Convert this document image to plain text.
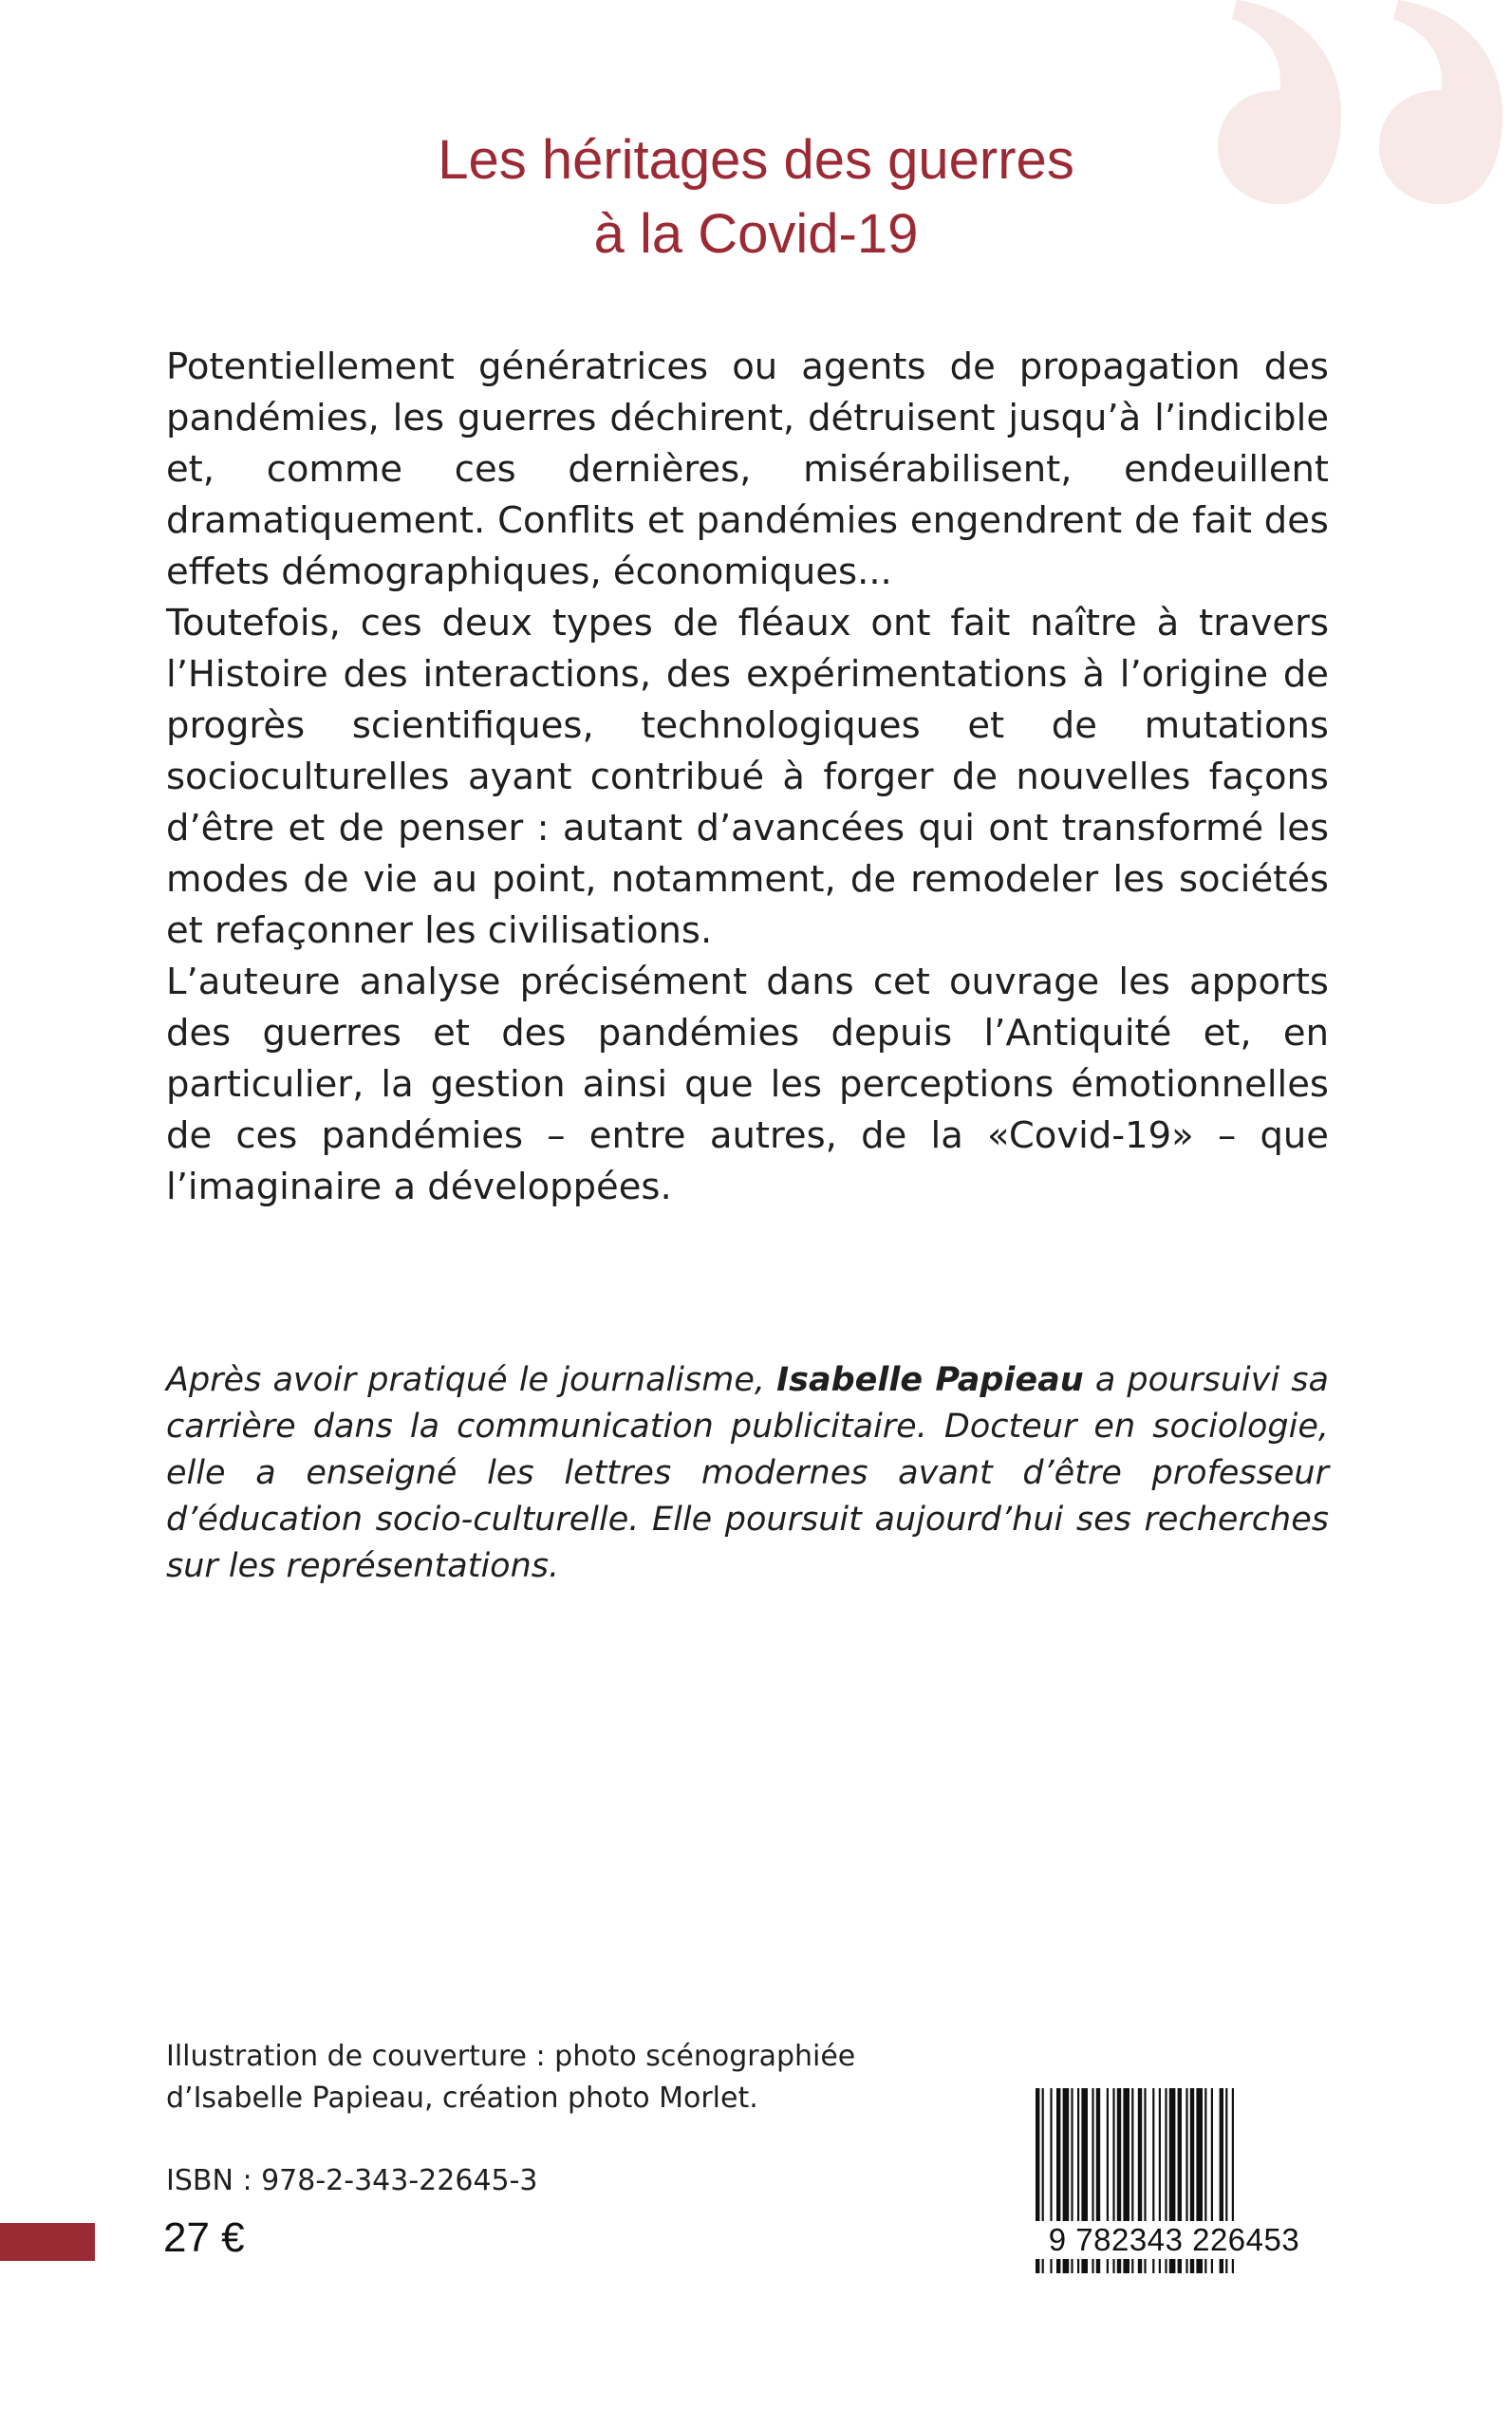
Les héritages des guerres
à la Covid-19

Potentiellement génératrices ou agents de propagation des pandémies, les guerres déchirent, détruisent jusqu’à l’indicible et, comme ces dernières, misérabilisent, endeuillent dramatiquement. Conflits et pandémies engendrent de fait des effets démographiques, économiques...

Toutefois, ces deux types de fléaux ont fait naître à travers l’Histoire des interactions, des expérimentations à l’origine de progrès scientifiques, technologiques et de mutations socioculturelles ayant contribué à forger de nouvelles façons d’être et de penser : autant d’avancées qui ont transformé les modes de vie au point, notamment, de remodeler les sociétés et refaçonner les civilisations.

L’auteure analyse précisément dans cet ouvrage les apports des guerres et des pandémies depuis l’Antiquité et, en particulier, la gestion ainsi que les perceptions émotionnelles de ces pandémies – entre autres, de la «Covid-19» – que l’imaginaire a développées.

Après avoir pratiqué le journalisme, Isabelle Papieau a poursuivi sa carrière dans la communication publicitaire. Docteur en sociologie, elle a enseigné les lettres modernes avant d’être professeur d’éducation socio-culturelle. Elle poursuit aujourd’hui ses recherches sur les représentations.
Illustration de couverture : photo scénographiée
d’Isabelle Papieau, création photo Morlet.
ISBN : 978-2-343-22645-3
27 €	9 782343 226453
